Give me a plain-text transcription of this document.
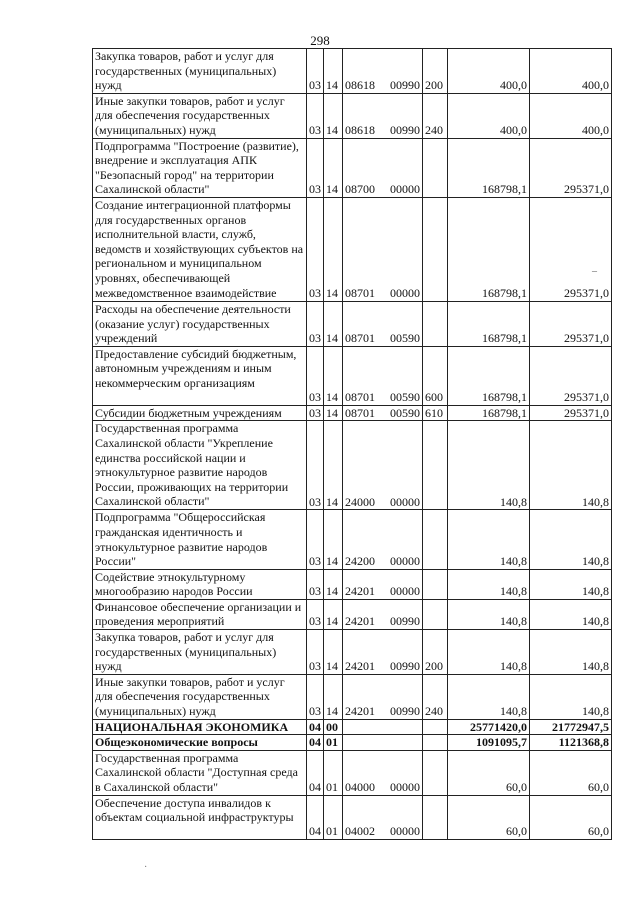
298
Закупка товаров, работ и услуг для государственных (муниципальных) нужд	03	14	08618 00990	200	400,0	400,0
Иные закупки товаров, работ и услуг для обеспечения государственных (муниципальных) нужд	03	14	08618 00990	240	400,0	400,0
Подпрограмма "Построение (развитие), внедрение и эксплуатация АПК "Безопасный город" на территории Сахалинской области"	03	14	08700 00000		168798,1	295371,0
Создание интеграционной платформы для государственных органов исполнительной власти, служб, ведомств и хозяйствующих субъектов на региональном и муниципальном уровнях, обеспечивающей межведомственное взаимодействие	03	14	08701 00000		168798,1	295371,0
Расходы на обеспечение деятельности (оказание услуг) государственных учреждений	03	14	08701 00590		168798,1	295371,0
Предоставление субсидий бюджетным, автономным учреждениям и иным некоммерческим организациям	03	14	08701 00590	600	168798,1	295371,0
Субсидии бюджетным учреждениям	03	14	08701 00590	610	168798,1	295371,0
Государственная программа Сахалинской области "Укрепление единства российской нации и этнокультурное развитие народов России, проживающих на территории Сахалинской области"	03	14	24000 00000		140,8	140,8
Подпрограмма "Общероссийская гражданская идентичность и этнокультурное развитие народов России"	03	14	24200 00000		140,8	140,8
Содействие этнокультурному многообразию народов России	03	14	24201 00000		140,8	140,8
Финансовое обеспечение организации и проведения мероприятий	03	14	24201 00990		140,8	140,8
Закупка товаров, работ и услуг для государственных (муниципальных) нужд	03	14	24201 00990	200	140,8	140,8
Иные закупки товаров, работ и услуг для обеспечения государственных (муниципальных) нужд	03	14	24201 00990	240	140,8	140,8
НАЦИОНАЛЬНАЯ ЭКОНОМИКА	04	00			25771420,0	21772947,5
Общеэкономические вопросы	04	01			1091095,7	1121368,8
Государственная программа Сахалинской области "Доступная среда в Сахалинской области"	04	01	04000 00000		60,0	60,0
Обеспечение доступа инвалидов к объектам социальной инфраструктуры	04	01	04002 00000		60,0	60,0
–
·
